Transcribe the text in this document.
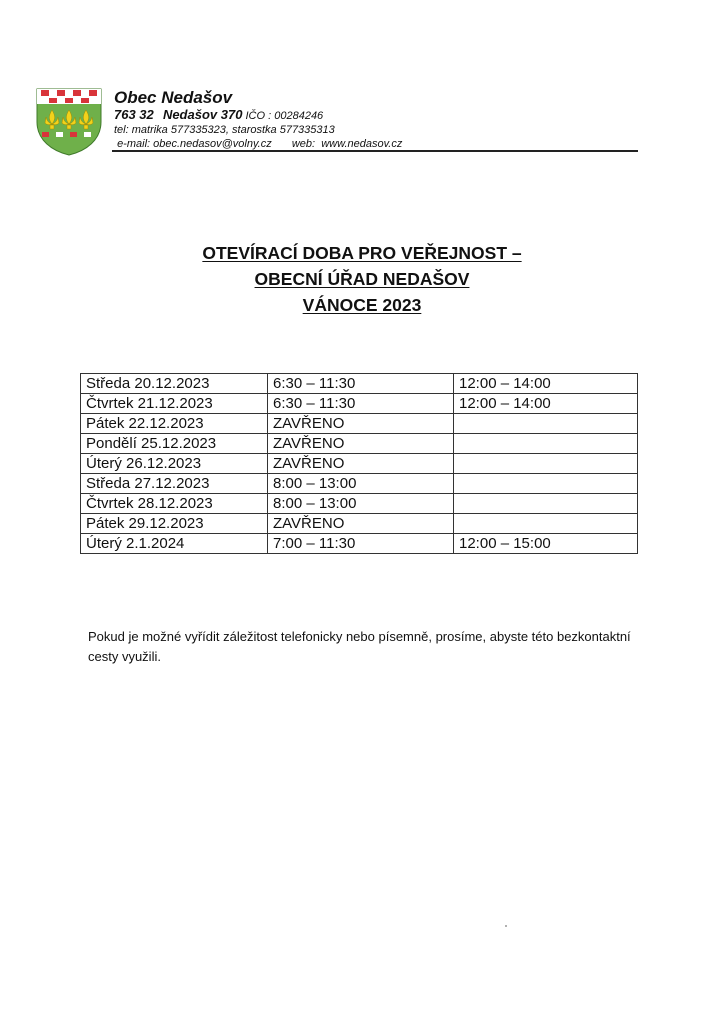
Obec Nedašov
763 32 Nedašov 370 IČO : 00284246
tel: matrika 577335323, starostka 577335313
e-mail: obec.nedasov@volny.cz web: www.nedasov.cz
OTEVÍRACÍ DOBA PRO VEŘEJNOST –
OBECNÍ ÚŘAD NEDAŠOV
VÁNOCE 2023
Středa 20.12.2023	6:30 – 11:30	12:00 – 14:00
Čtvrtek 21.12.2023	6:30 – 11:30	12:00 – 14:00
Pátek 22.12.2023	ZAVŘENO	
Pondělí 25.12.2023	ZAVŘENO	
Úterý 26.12.2023	ZAVŘENO	
Středa 27.12.2023	8:00 – 13:00	
Čtvrtek 28.12.2023	8:00 – 13:00	
Pátek 29.12.2023	ZAVŘENO	
Úterý 2.1.2024	7:00 – 11:30	12:00 – 15:00
Pokud je možné vyřídit záležitost telefonicky nebo písemně, prosíme, abyste této bezkontaktní cesty využili.
